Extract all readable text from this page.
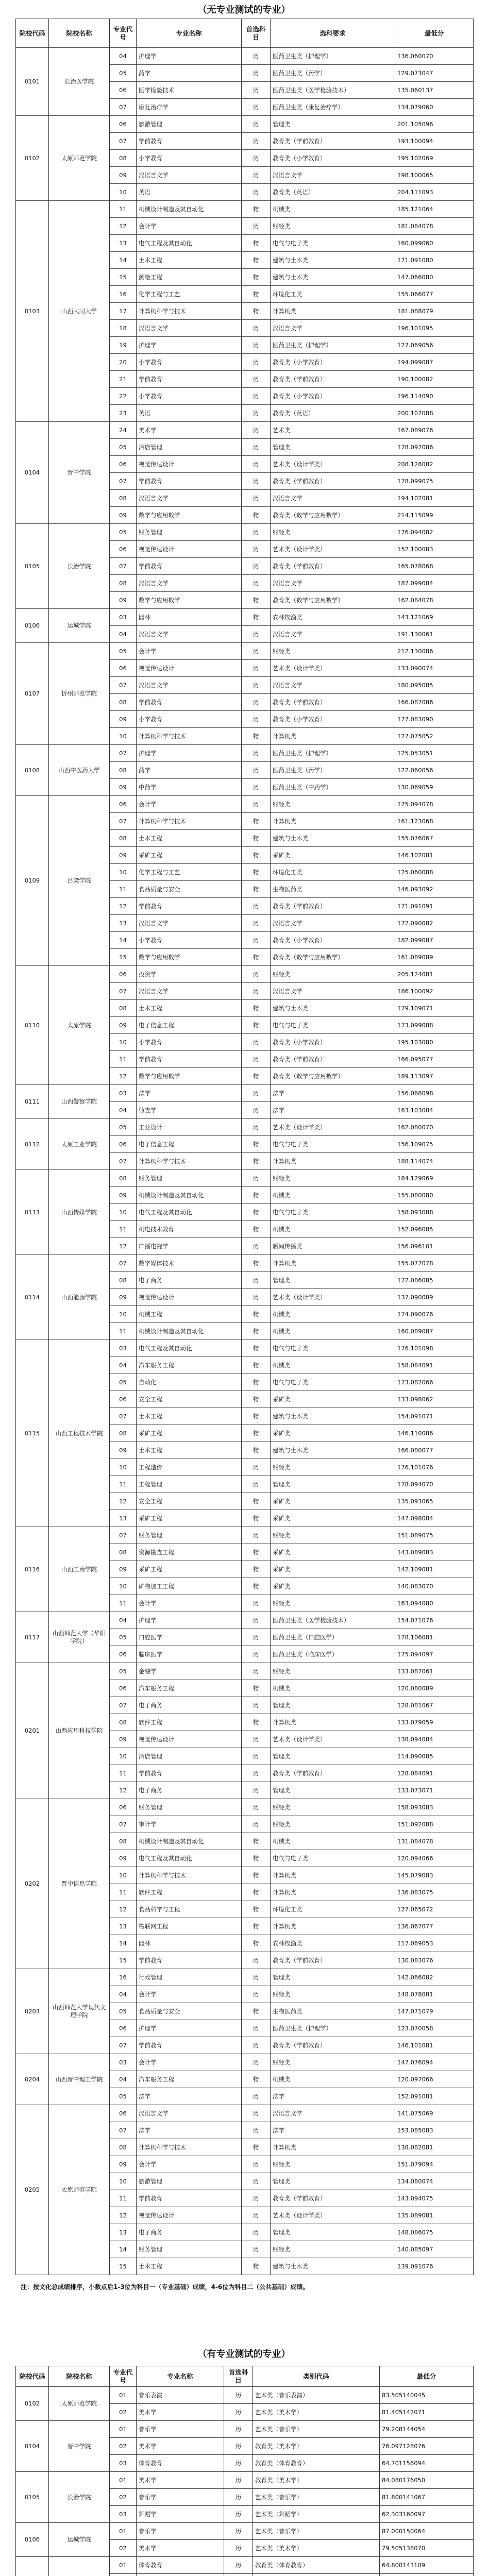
（无专业测试的专业）
院校代码	院校名称	专业代号	专业名称	首选科目	选科要求	最低分
0101	长治医学院	04	护理学	历	医药卫生类（护理学）	136.060070
		05	药学	历	医药卫生类（药学）	129.073047
		06	医学检验技术	历	医药卫生类（医学检验技术）	135.060137
		07	康复治疗学	历	医药卫生类（康复治疗学）	134.079060
0102	太原师范学院	06	旅游管理	历	管理类	201.105096
		07	学前教育	历	教育类（学前教育）	193.100094
		08	小学教育	历	教育类（小学教育）	195.102069
		09	汉语言文学	历	汉语言文学	198.100065
		10	英语	历	教育类（英语）	204.111093
0103	山西大同大学	11	机械设计制造及其自动化	物	机械类	185.121064
		12	会计学	历	财经类	181.084078
		13	电气工程及其自动化	物	电气与电子类	160.099060
		14	土木工程	物	建筑与土木类	171.091080
		15	测绘工程	物	建筑与土木类	147.066080
		16	化学工程与工艺	物	环境化工类	155.066077
		17	计算机科学与技术	物	计算机类	181.088079
		18	汉语言文学	历	汉语言文学	196.101095
		19	护理学	历	医药卫生类（护理学）	127.069056
		20	小学教育	历	教育类（小学教育）	194.099087
		21	学前教育	历	教育类（学前教育）	190.100082
		22	小学教育	历	教育类（小学教育）	196.114090
		23	英语	历	教育类（英语）	200.107088
0104	晋中学院	24	美术学	历	艺术类	167.089076
		05	酒店管理	历	管理类	178.097086
		06	视觉传达设计	历	艺术类（设计学类）	208.128082
		07	学前教育	历	教育类（学前教育）	178.099075
		08	汉语言文学	历	汉语言文学	194.102081
		09	数学与应用数学	物	教育类（数学与应用数学）	214.115099
0105	长治学院	05	财务管理	历	财经类	176.094082
		06	视觉传达设计	历	艺术类（设计学类）	152.100083
		07	学前教育	历	教育类（学前教育）	165.078068
		08	汉语言文学	历	汉语言文学	187.099084
		09	数学与应用数学	物	教育类（数学与应用数学）	162.084078
0106	运城学院	03	园林	物	农林牧渔类	143.121069
		04	汉语言文学	历	汉语言文学	191.130061
0107	忻州师范学院	05	会计学	历	财经类	212.130086
		06	视觉传达设计	历	艺术类（设计学类）	133.090074
		07	汉语言文学	历	汉语言文学	180.095085
		08	学前教育	历	教育类（学前教育）	166.087086
		09	小学教育	历	教育类（小学教育）	177.083090
		10	计算机科学与技术	物	计算机类	127.075052
0108	山西中医药大学	07	护理学	历	医药卫生类（护理学）	125.053051
		08	药学	历	医药卫生类（药学）	122.060056
		09	中药学	历	医药卫生类（中药学）	130.069059
0109	吕梁学院	06	会计学	历	财经类	175.094078
		07	计算机科学与技术	物	计算机类	161.123068
		08	土木工程	物	建筑与土木类	155.076067
		09	采矿工程	物	采矿类	146.102081
		10	化学工程与工艺	物	环境化工类	125.060088
		11	食品质量与安全	物	生物医药类	146.093092
		12	学前教育	历	教育类（学前教育）	171.091091
		13	汉语言文学	历	汉语言文学	172.090082
		14	小学教育	历	教育类（小学教育）	182.099087
		15	数学与应用数学	物	教育类（数学与应用数学）	161.089089
0110	太原学院	06	投资学	历	财经类	205.124081
		07	汉语言文学	历	汉语言文学	186.100092
		08	土木工程	物	建筑与土木类	179.109071
		09	电子信息工程	物	电气与电子类	173.099088
		10	小学教育	历	教育类（小学教育）	195.103080
		11	学前教育	历	教育类（学前教育）	166.095077
		12	数学与应用数学	物	教育类（数学与应用数学）	189.113097
0111	山西警察学院	03	法学	历	法学	156.068098
		04	侦查学	历	法学	163.103084
0112	太原工业学院	05	工业设计	历	艺术类（设计学类）	162.080070
		06	电子信息工程	物	电气与电子类	156.109075
		07	计算机科学与技术	物	计算机类	188.114074
0113	山西传媒学院	08	财务管理	历	财经类	184.129069
		09	机械设计制造及其自动化	物	机械类	155.080080
		10	电气工程及其自动化	物	电气与电子类	158.093088
		11	机电技术教育	物	机械类	152.096085
		12	广播电视学	历	新闻传播类	156.096101
0114	山西能源学院	07	数字媒体技术	物	计算机类	155.077078
		08	电子商务	历	管理类	172.086085
		09	视觉传达设计	历	艺术类（设计学类）	137.090089
		10	机械工程	物	机械类	174.090076
		11	机械设计制造及其自动化	物	机械类	160.089087
0115	山西工程技术学院	03	电气工程及其自动化	物	电气与电子类	176.101098
		04	汽车服务工程	物	机械类	158.084091
		05	自动化	物	电气与电子类	173.082066
		06	安全工程	物	采矿类	133.098062
		07	土木工程	物	建筑与土木类	154.091071
		08	采矿工程	物	采矿类	146.110086
		09	土木工程	物	建筑与土木类	166.080077
		10	工程造价	历	财经类	176.101076
		11	工程管理	历	管理类	178.094070
		12	安全工程	物	采矿类	135.093065
		13	采矿工程	物	采矿类	147.098084
0116	山西工商学院	07	财务管理	历	财经类	151.089075
		08	资源勘查工程	物	采矿类	143.089083
		09	采矿工程	物	采矿类	142.109081
		10	矿物加工工程	物	采矿类	140.083070
		11	会计学	历	财经类	163.094080
0117	山西师范大学（华阳学院）	04	护理学	历	医药卫生类（医学检验技术）	154.071076
		05	口腔医学	历	医药卫生类（口腔医学）	178.106081
		06	临床医学	历	医药卫生类（临床医学）	175.094097
0201	山西应用科技学院	05	金融学	历	财经类	133.087061
		06	汽车服务工程	物	机械类	120.080089
		07	电子商务	历	管理类	128.081067
		08	软件工程	物	计算机类	133.079059
		09	视觉传达设计	历	艺术类（设计学类）	138.094084
		10	酒店管理	历	管理类	114.090085
		11	学前教育	历	教育类（学前教育）	128.084091
		12	电子商务	历	管理类	133.073071
0202	晋中信息学院	06	财务管理	历	财经类	158.093083
		07	审计学	历	财经类	151.092088
		08	机械设计制造及其自动化	物	机械类	131.084078
		09	电气工程及其自动化	物	电气与电子类	120.094066
		10	计算机科学与技术	物	计算机类	145.079083
		11	软件工程	物	计算机类	136.083075
		12	食品科学与工程	物	环境化工类	127.065072
		13	物联网工程	物	计算机类	136.067077
		14	园林	物	农林牧渔类	117.069053
		15	学前教育	历	教育类（学前教育）	130.083076
0203	山西师范大学现代文理学院	16	行政管理	历	管理类	142.066082
		04	会计学	历	财经类	148.078081
		05	食品质量与安全	物	生物医药类	147.071079
		06	护理学	历	医药卫生类（护理学）	123.070058
		07	学前教育	历	教育类（学前教育）	146.101081
0204	山西晋中理工学院	03	会计学	历	财经类	147.076094
		04	汽车服务工程	物	机械类	120.097066
		05	法学	历	法学	152.091081
0205	太原师范学院	06	汉语言文学	历	汉语言文学	141.075069
		07	法学	历	法学	153.085083
		08	计算机科学与技术	物	计算机类	138.082081
		09	会计学	历	财经类	151.079094
		10	旅游管理	历	管理类	134.080074
		11	学前教育	历	教育类（学前教育）	143.094075
		12	视觉传达设计	历	艺术类（设计学类）	135.089081
		13	电子商务	历	管理类	148.086075
		14	财务管理	历	财经类	140.085097
		15	土木工程	物	建筑与土木类	139.091076
注：按文化总成绩排序，小数点后1-3位为科目一（专业基础）成绩，4-6位为科目二（公共基础）成绩。
（有专业测试的专业）
院校代码	院校名称	专业代号	专业名称	首选科目	类别代码	最低分
0102	太原师范学院	01	音乐表演	历	艺术类（音乐表演）	83.505140045
		02	美术学	历	艺术类（美术学）	81.405142071
0104	晋中学院	01	音乐学	历	艺术类（音乐学）	79.208144054
		02	美术学	历	教育类（美术学）	76.097128076
		03	体育教育	历	教育类（体育教育）	64.701156094
0105	长治学院	01	美术学	历	教育类（美术学）	84.080176050
		02	音乐学	历	艺术类（音乐学）	81.800141067
		03	舞蹈学	历	艺术类（舞蹈学）	62.303160097
0106	运城学院	01	音乐学	历	艺术类（音乐学）	87.000150064
		02	美术学	历	艺术类（美术学）	79.505138070
		01	体育教育	历	教育类（体育教育）	64.800143109
